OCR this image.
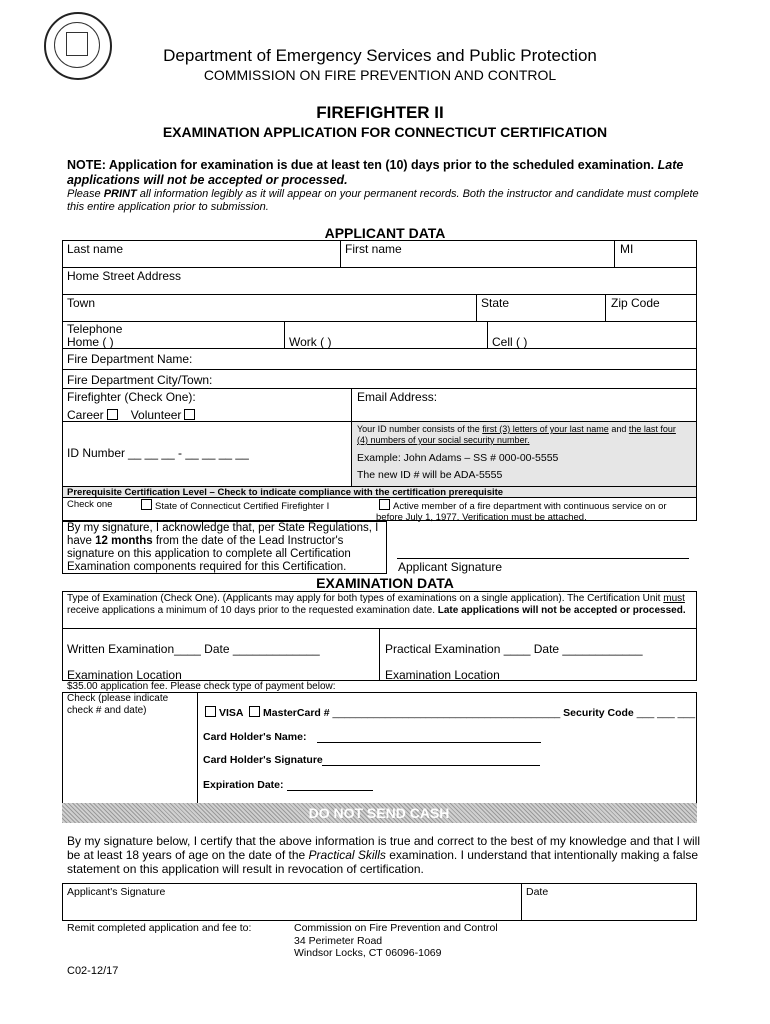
Department of Emergency Services and Public Protection
COMMISSION ON FIRE PREVENTION AND CONTROL
FIREFIGHTER II
EXAMINATION APPLICATION FOR CONNECTICUT CERTIFICATION
NOTE: Application for examination is due at least ten (10) days prior to the scheduled examination. Late applications will not be accepted or processed.
Please PRINT all information legibly as it will appear on your permanent records. Both the instructor and candidate must complete this entire application prior to submission.
APPLICANT DATA
Last name	First name	MI
Home Street Address
Town	State	Zip Code
Telephone
Home ( )	Work ( )	Cell ( )
Fire Department Name:
Fire Department City/Town:
Firefighter (Check One):	Email Address:
Career Volunteer
ID Number __ __ __ - __ __ __ __
Your ID number consists of the first (3) letters of your last name and the last four (4) numbers of your social security number.
Example: John Adams – SS # 000-00-5555
The new ID # will be ADA-5555
Prerequisite Certification Level – Check to indicate compliance with the certification prerequisite
Check one	State of Connecticut Certified Firefighter I	Active member of a fire department with continuous service on or before July 1, 1977. Verification must be attached.
By my signature, I acknowledge that, per State Regulations, I have 12 months from the date of the Lead Instructor's signature on this application to complete all Certification Examination components required for this Certification.	Applicant Signature
EXAMINATION DATA
Type of Examination (Check One). (Applicants may apply for both types of examinations on a single application). The Certification Unit must receive applications a minimum of 10 days prior to the requested examination date. Late applications will not be accepted or processed.
Written Examination____ Date _____________	Practical Examination ____ Date ____________
Examination Location	Examination Location
$35.00 application fee. Please check type of payment below:
Check (please indicate check # and date)	VISA MasterCard # _______________________________________ Security Code ___ ___ ___
Card Holder's Name:
Card Holder's Signature
Expiration Date:
DO NOT SEND CASH
By my signature below, I certify that the above information is true and correct to the best of my knowledge and that I will be at least 18 years of age on the date of the Practical Skills examination. I understand that intentionally making a false statement on this application will result in revocation of certification.
Applicant's Signature	Date
Remit completed application and fee to:	Commission on Fire Prevention and Control
34 Perimeter Road
Windsor Locks, CT 06096-1069
C02-12/17
